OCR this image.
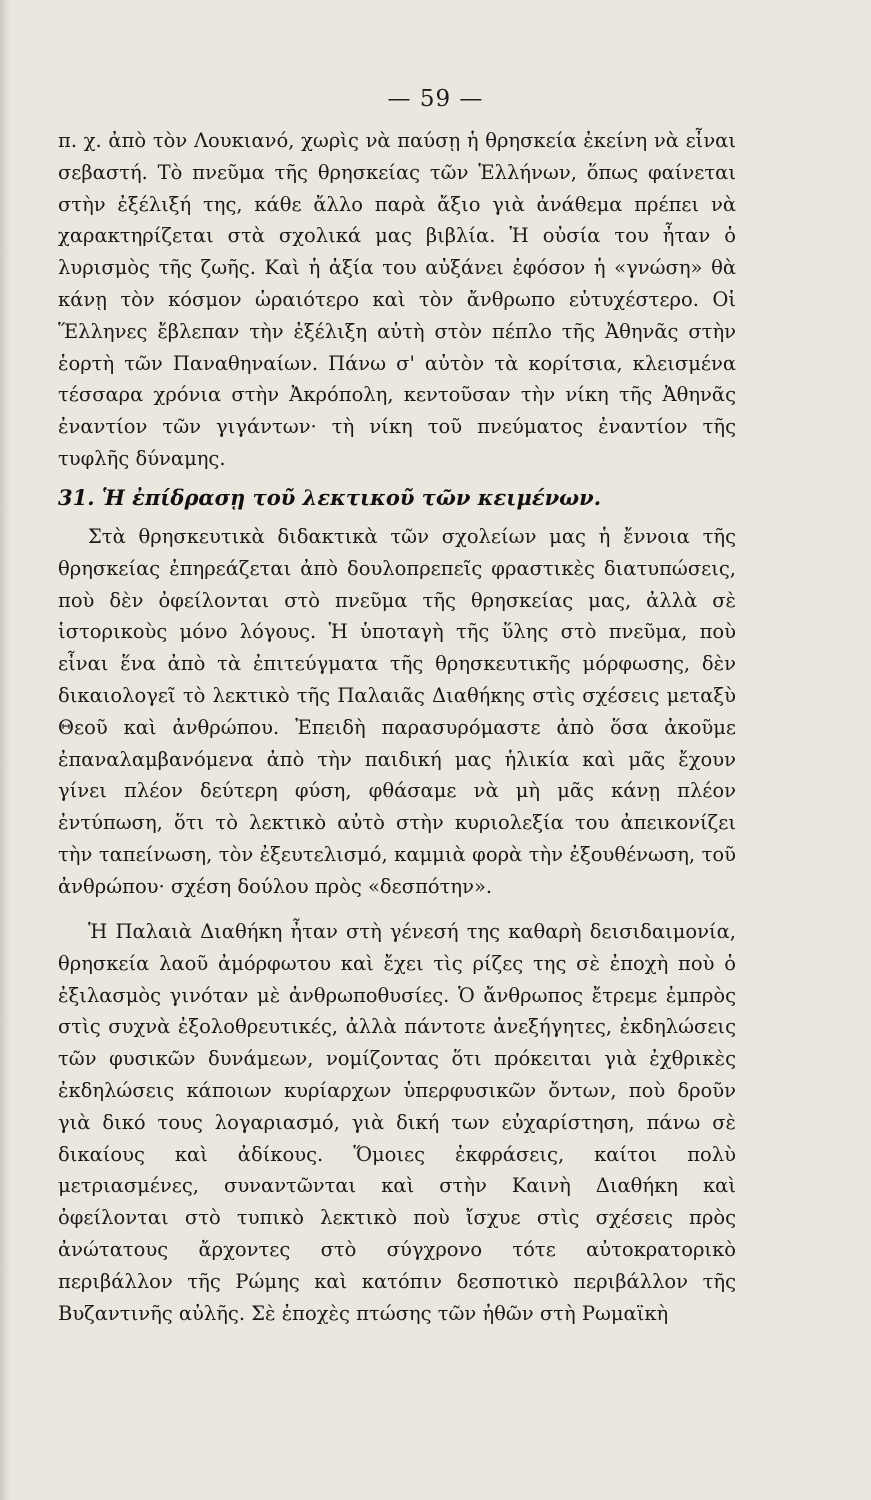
— 59 —
π. χ. ἀπὸ τὸν Λουκιανό, χωρὶς νὰ παύσῃ ἡ θρησκεία ἐκείνη νὰ εἶναι σεβαστή. Τὸ πνεῦμα τῆς θρησκείας τῶν Ἑλλήνων, ὅπως φαίνεται στὴν ἐξέλιξή της, κάθε ἄλλο παρὰ ἄξιο γιὰ ἀνάθεμα πρέπει νὰ χαρακτηρίζεται στὰ σχολικά μας βιβλία. Ἡ οὐσία του ἦταν ὁ λυρισμὸς τῆς ζωῆς. Καὶ ἡ ἀξία του αὐξάνει ἐφόσον ἡ «γνώση» θὰ κάνῃ τὸν κόσμον ὡραιότερο καὶ τὸν ἄνθρωπο εὐτυχέστερο. Οἱ Ἕλληνες ἔβλεπαν τὴν ἐξέλιξη αὐτὴ στὸν πέπλο τῆς Ἀθηνᾶς στὴν ἑορτὴ τῶν Παναθηναίων. Πάνω σ' αὐτὸν τὰ κορίτσια, κλεισμένα τέσσαρα χρόνια στὴν Ἀκρόπολη, κεντοῦσαν τὴν νίκη τῆς Ἀθηνᾶς ἐναντίον τῶν γιγάντων· τὴ νίκη τοῦ πνεύματος ἐναντίον τῆς τυφλῆς δύναμης.
31. Ἡ ἐπίδρασῃ τοῦ λεκτικοῦ τῶν κειμένων.
Στὰ θρησκευτικὰ διδακτικὰ τῶν σχολείων μας ἡ ἔννοια τῆς θρησκείας ἐπηρεάζεται ἀπὸ δουλοπρεπεῖς φραστικὲς διατυπώσεις, ποὺ δὲν ὀφείλονται στὸ πνεῦμα τῆς θρησκείας μας, ἀλλὰ σὲ ἱστορικοὺς μόνο λόγους. Ἡ ὑποταγὴ τῆς ὕλης στὸ πνεῦμα, ποὺ εἶναι ἕνα ἀπὸ τὰ ἐπιτεύγματα τῆς θρησκευτικῆς μόρφωσης, δὲν δικαιολογεῖ τὸ λεκτικὸ τῆς Παλαιᾶς Διαθήκης στὶς σχέσεις μεταξὺ Θεοῦ καὶ ἀνθρώπου. Ἐπειδὴ παρασυρόμαστε ἀπὸ ὅσα ἀκοῦμε ἐπαναλαμβανόμενα ἀπὸ τὴν παιδική μας ἡλικία καὶ μᾶς ἔχουν γίνει πλέον δεύτερη φύση, φθάσαμε νὰ μὴ μᾶς κάνῃ πλέον ἐντύπωση, ὅτι τὸ λεκτικὸ αὐτὸ στὴν κυριολεξία του ἀπεικονίζει τὴν ταπείνωση, τὸν ἐξευτελισμό, καμμιὰ φορὰ τὴν ἐξουθένωση, τοῦ ἀνθρώπου· σχέση δούλου πρὸς «δεσπότην».
Ἡ Παλαιὰ Διαθήκη ἦταν στὴ γένεσή της καθαρὴ δεισιδαιμονία, θρησκεία λαοῦ ἀμόρφωτου καὶ ἔχει τὶς ρίζες της σὲ ἐποχὴ ποὺ ὁ ἐξιλασμὸς γινόταν μὲ ἀνθρωποθυσίες. Ὁ ἄνθρωπος ἔτρεμε ἐμπρὸς στὶς συχνὰ ἐξολοθρευτικές, ἀλλὰ πάντοτε ἀνεξήγητες, ἐκδηλώσεις τῶν φυσικῶν δυνάμεων, νομίζοντας ὅτι πρόκειται γιὰ ἐχθρικὲς ἐκδηλώσεις κάποιων κυρίαρχων ὑπερφυσικῶν ὄντων, ποὺ δροῦν γιὰ δικό τους λογαριασμό, γιὰ δική των εὐχαρίστηση, πάνω σὲ δικαίους καὶ ἀδίκους. Ὅμοιες ἐκφράσεις, καίτοι πολὺ μετριασμένες, συναντῶνται καὶ στὴν Καινὴ Διαθήκη καὶ ὀφείλονται στὸ τυπικὸ λεκτικὸ ποὺ ἴσχυε στὶς σχέσεις πρὸς ἀνώτατους ἄρχοντες στὸ σύγχρονο τότε αὐτοκρατορικὸ περιβάλλον τῆς Ρώμης καὶ κατόπιν δεσποτικὸ περιβάλλον τῆς Βυζαντινῆς αὐλῆς. Σὲ ἐποχὲς πτώσης τῶν ἠθῶν στὴ Ρωμαϊκὴ
